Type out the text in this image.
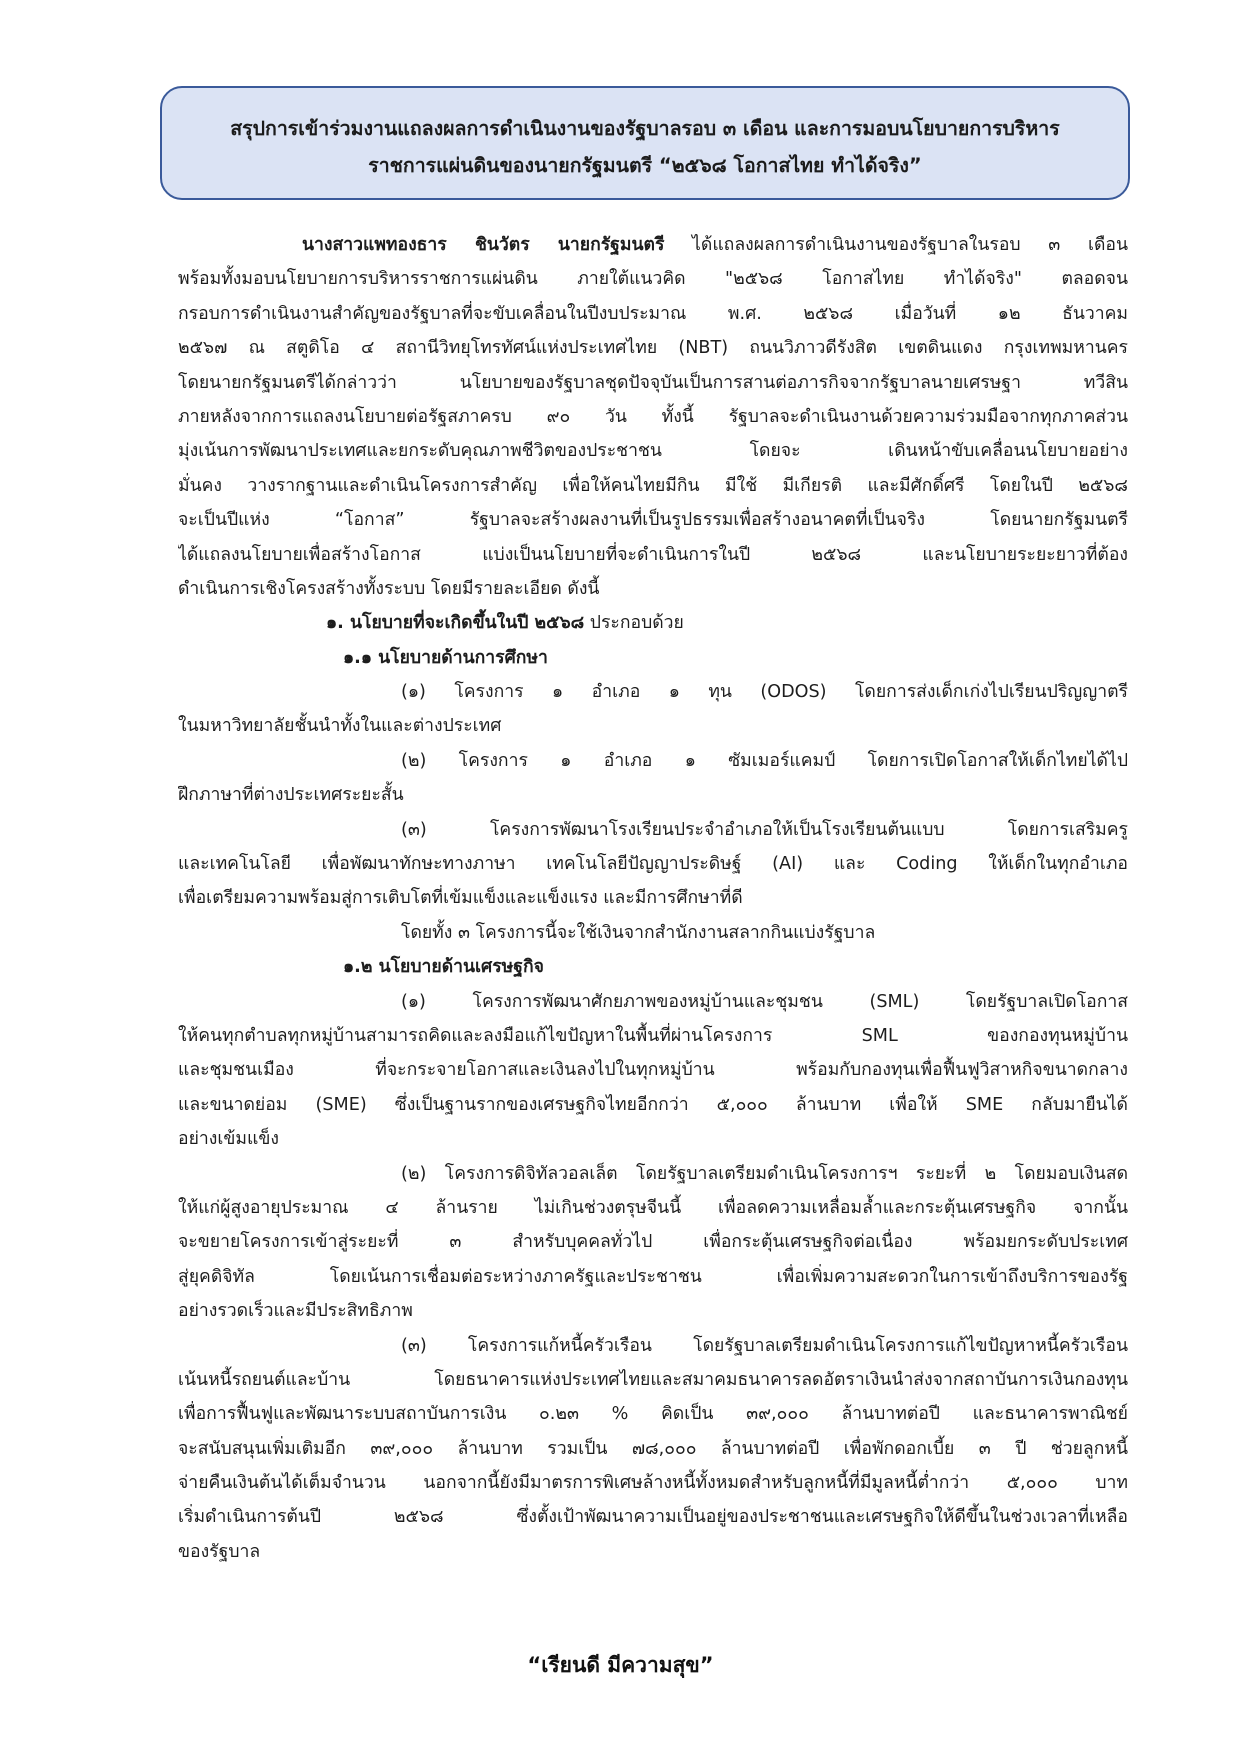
สรุปการเข้าร่วมงานแถลงผลการดำเนินงานของรัฐบาลรอบ ๓ เดือน และการมอบนโยบายการบริหาร
ราชการแผ่นดินของนายกรัฐมนตรี “๒๕๖๘ โอกาสไทย ทำได้จริง”
นางสาวแพทองธาร ชินวัตร นายกรัฐมนตรี ได้แถลงผลการดำเนินงานของรัฐบาลในรอบ ๓ เดือน
พร้อมทั้งมอบนโยบายการบริหารราชการแผ่นดิน ภายใต้แนวคิด "๒๕๖๘ โอกาสไทย ทำได้จริง" ตลอดจน
กรอบการดำเนินงานสำคัญของรัฐบาลที่จะขับเคลื่อนในปีงบประมาณ พ.ศ. ๒๕๖๘ เมื่อวันที่ ๑๒ ธันวาคม
๒๕๖๗ ณ สตูดิโอ ๔ สถานีวิทยุโทรทัศน์แห่งประเทศไทย (NBT) ถนนวิภาวดีรังสิต เขตดินแดง กรุงเทพมหานคร
โดยนายกรัฐมนตรีได้กล่าวว่า นโยบายของรัฐบาลชุดปัจจุบันเป็นการสานต่อภารกิจจากรัฐบาลนายเศรษฐา ทวีสิน
ภายหลังจากการแถลงนโยบายต่อรัฐสภาครบ ๙๐ วัน ทั้งนี้ รัฐบาลจะดำเนินงานด้วยความร่วมมือจากทุกภาคส่วน
มุ่งเน้นการพัฒนาประเทศและยกระดับคุณภาพชีวิตของประชาชน โดยจะ เดินหน้าขับเคลื่อนนโยบายอย่าง
มั่นคง วางรากฐานและดำเนินโครงการสำคัญ เพื่อให้คนไทยมีกิน มีใช้ มีเกียรติ และมีศักดิ์ศรี โดยในปี ๒๕๖๘
จะเป็นปีแห่ง “โอกาส” รัฐบาลจะสร้างผลงานที่เป็นรูปธรรมเพื่อสร้างอนาคตที่เป็นจริง โดยนายกรัฐมนตรี
ได้แถลงนโยบายเพื่อสร้างโอกาส แบ่งเป็นนโยบายที่จะดำเนินการในปี ๒๕๖๘ และนโยบายระยะยาวที่ต้อง
ดำเนินการเชิงโครงสร้างทั้งระบบ โดยมีรายละเอียด ดังนี้
๑. นโยบายที่จะเกิดขึ้นในปี ๒๕๖๘ ประกอบด้วย
๑.๑ นโยบายด้านการศึกษา
(๑) โครงการ ๑ อำเภอ ๑ ทุน (ODOS) โดยการส่งเด็กเก่งไปเรียนปริญญาตรี
ในมหาวิทยาลัยชั้นนำทั้งในและต่างประเทศ
(๒) โครงการ ๑ อำเภอ ๑ ซัมเมอร์แคมป์ โดยการเปิดโอกาสให้เด็กไทยได้ไป
ฝึกภาษาที่ต่างประเทศระยะสั้น
(๓) โครงการพัฒนาโรงเรียนประจำอำเภอให้เป็นโรงเรียนต้นแบบ โดยการเสริมครู
และเทคโนโลยี เพื่อพัฒนาทักษะทางภาษา เทคโนโลยีปัญญาประดิษฐ์ (AI) และ Coding ให้เด็กในทุกอำเภอ
เพื่อเตรียมความพร้อมสู่การเติบโตที่เข้มแข็งและแข็งแรง และมีการศึกษาที่ดี
โดยทั้ง ๓ โครงการนี้จะใช้เงินจากสำนักงานสลากกินแบ่งรัฐบาล
๑.๒ นโยบายด้านเศรษฐกิจ
(๑) โครงการพัฒนาศักยภาพของหมู่บ้านและชุมชน (SML) โดยรัฐบาลเปิดโอกาส
ให้คนทุกตำบลทุกหมู่บ้านสามารถคิดและลงมือแก้ไขปัญหาในพื้นที่ผ่านโครงการ SML ของกองทุนหมู่บ้าน
และชุมชนเมือง ที่จะกระจายโอกาสและเงินลงไปในทุกหมู่บ้าน พร้อมกับกองทุนเพื่อฟื้นฟูวิสาหกิจขนาดกลาง
และขนาดย่อม (SME) ซึ่งเป็นฐานรากของเศรษฐกิจไทยอีกกว่า ๕,๐๐๐ ล้านบาท เพื่อให้ SME กลับมายืนได้
อย่างเข้มแข็ง
(๒) โครงการดิจิทัลวอลเล็ต โดยรัฐบาลเตรียมดำเนินโครงการฯ ระยะที่ ๒ โดยมอบเงินสด
ให้แก่ผู้สูงอายุประมาณ ๔ ล้านราย ไม่เกินช่วงตรุษจีนนี้ เพื่อลดความเหลื่อมล้ำและกระตุ้นเศรษฐกิจ จากนั้น
จะขยายโครงการเข้าสู่ระยะที่ ๓ สำหรับบุคคลทั่วไป เพื่อกระตุ้นเศรษฐกิจต่อเนื่อง พร้อมยกระดับประเทศ
สู่ยุคดิจิทัล โดยเน้นการเชื่อมต่อระหว่างภาครัฐและประชาชน เพื่อเพิ่มความสะดวกในการเข้าถึงบริการของรัฐ
อย่างรวดเร็วและมีประสิทธิภาพ
(๓) โครงการแก้หนี้ครัวเรือน โดยรัฐบาลเตรียมดำเนินโครงการแก้ไขปัญหาหนี้ครัวเรือน
เน้นหนี้รถยนต์และบ้าน โดยธนาคารแห่งประเทศไทยและสมาคมธนาคารลดอัตราเงินนำส่งจากสถาบันการเงินกองทุน
เพื่อการฟื้นฟูและพัฒนาระบบสถาบันการเงิน ๐.๒๓ % คิดเป็น ๓๙,๐๐๐ ล้านบาทต่อปี และธนาคารพาณิชย์
จะสนับสนุนเพิ่มเติมอีก ๓๙,๐๐๐ ล้านบาท รวมเป็น ๗๘,๐๐๐ ล้านบาทต่อปี เพื่อพักดอกเบี้ย ๓ ปี ช่วยลูกหนี้
จ่ายคืนเงินต้นได้เต็มจำนวน นอกจากนี้ยังมีมาตรการพิเศษล้างหนี้ทั้งหมดสำหรับลูกหนี้ที่มีมูลหนี้ต่ำกว่า ๕,๐๐๐ บาท
เริ่มดำเนินการต้นปี ๒๕๖๘ ซึ่งตั้งเป้าพัฒนาความเป็นอยู่ของประชาชนและเศรษฐกิจให้ดีขึ้นในช่วงเวลาที่เหลือ
ของรัฐบาล
“เรียนดี มีความสุข”
